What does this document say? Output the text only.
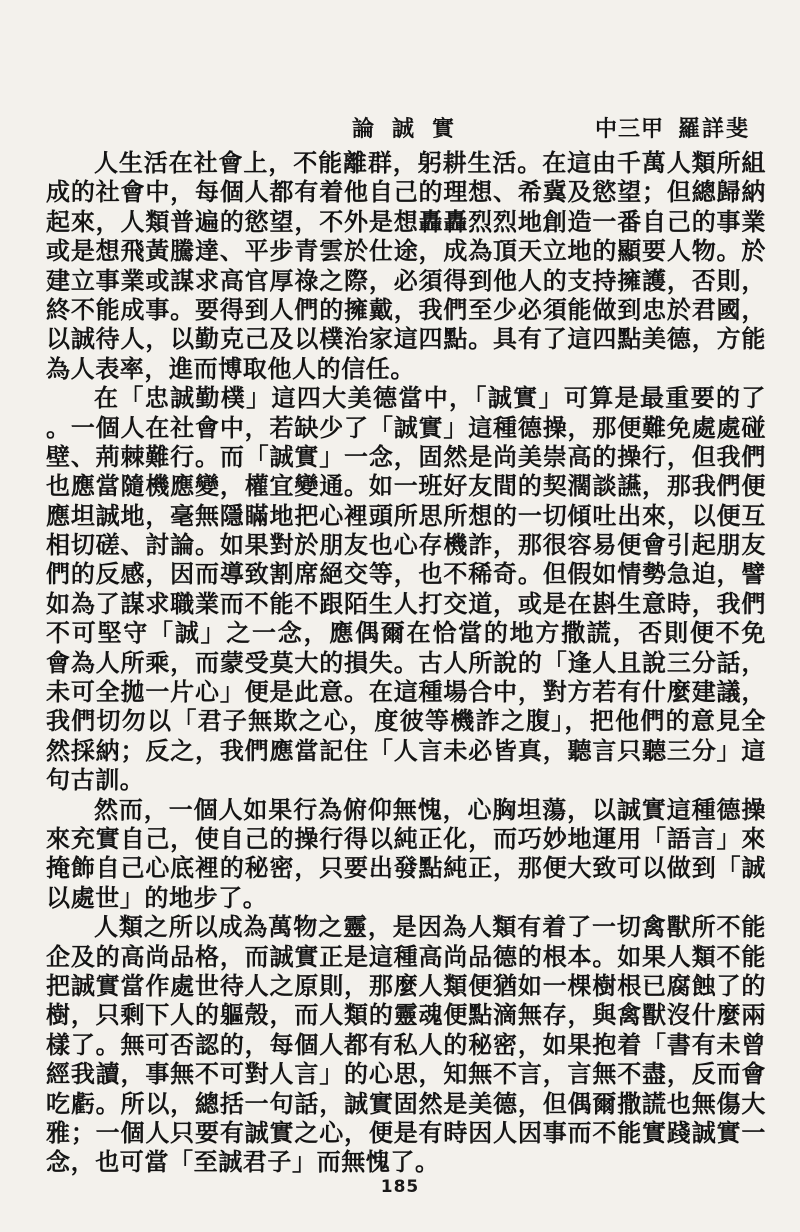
論誠實	中三甲 羅詳斐
人生活在社會上，不能離群，躬耕生活。在這由千萬人類所組
成的社會中，每個人都有着他自己的理想、希冀及慾望；但總歸納
起來，人類普遍的慾望，不外是想轟轟烈烈地創造一番自己的事業
或是想飛黃騰達、平步青雲於仕途，成為頂天立地的顯要人物。於
建立事業或謀求高官厚祿之際，必須得到他人的支持擁護，否則，
終不能成事。要得到人們的擁戴，我們至少必須能做到忠於君國，
以誠待人，以勤克己及以樸治家這四點。具有了這四點美德，方能
為人表率，進而博取他人的信任。
在「忠誠勤樸」這四大美德當中，「誠實」可算是最重要的了
。一個人在社會中，若缺少了「誠實」這種德操，那便難免處處碰
壁、荊棘難行。而「誠實」一念，固然是尚美崇高的操行，但我們
也應當隨機應變，權宜變通。如一班好友間的契濶談讌，那我們便
應坦誠地，毫無隱瞞地把心裡頭所思所想的一切傾吐出來，以便互
相切磋、討論。如果對於朋友也心存機詐，那很容易便會引起朋友
們的反感，因而導致割席絕交等，也不稀奇。但假如情勢急迫，譬
如為了謀求職業而不能不跟陌生人打交道，或是在斟生意時，我們
不可堅守「誠」之一念，應偶爾在恰當的地方撒謊，否則便不免
會為人所乘，而蒙受莫大的損失。古人所說的「逢人且說三分話，
未可全拋一片心」便是此意。在這種場合中，對方若有什麼建議，
我們切勿以「君子無欺之心，度彼等機詐之腹」，把他們的意見全
然採納；反之，我們應當記住「人言未必皆真，聽言只聽三分」這
句古訓。
然而，一個人如果行為俯仰無愧，心胸坦蕩，以誠實這種德操
來充實自己，使自己的操行得以純正化，而巧妙地運用「語言」來
掩飾自己心底裡的秘密，只要出發點純正，那便大致可以做到「誠
以處世」的地步了。
人類之所以成為萬物之靈，是因為人類有着了一切禽獸所不能
企及的高尚品格，而誠實正是這種高尚品德的根本。如果人類不能
把誠實當作處世待人之原則，那麼人類便猶如一棵樹根已腐蝕了的
樹，只剩下人的軀殼，而人類的靈魂便點滴無存，與禽獸沒什麼兩
樣了。無可否認的，每個人都有私人的秘密，如果抱着「書有未曾
經我讀，事無不可對人言」的心思，知無不言，言無不盡，反而會
吃虧。所以，總括一句話，誠實固然是美德，但偶爾撒謊也無傷大
雅；一個人只要有誠實之心，便是有時因人因事而不能實踐誠實一
念，也可當「至誠君子」而無愧了。
185
